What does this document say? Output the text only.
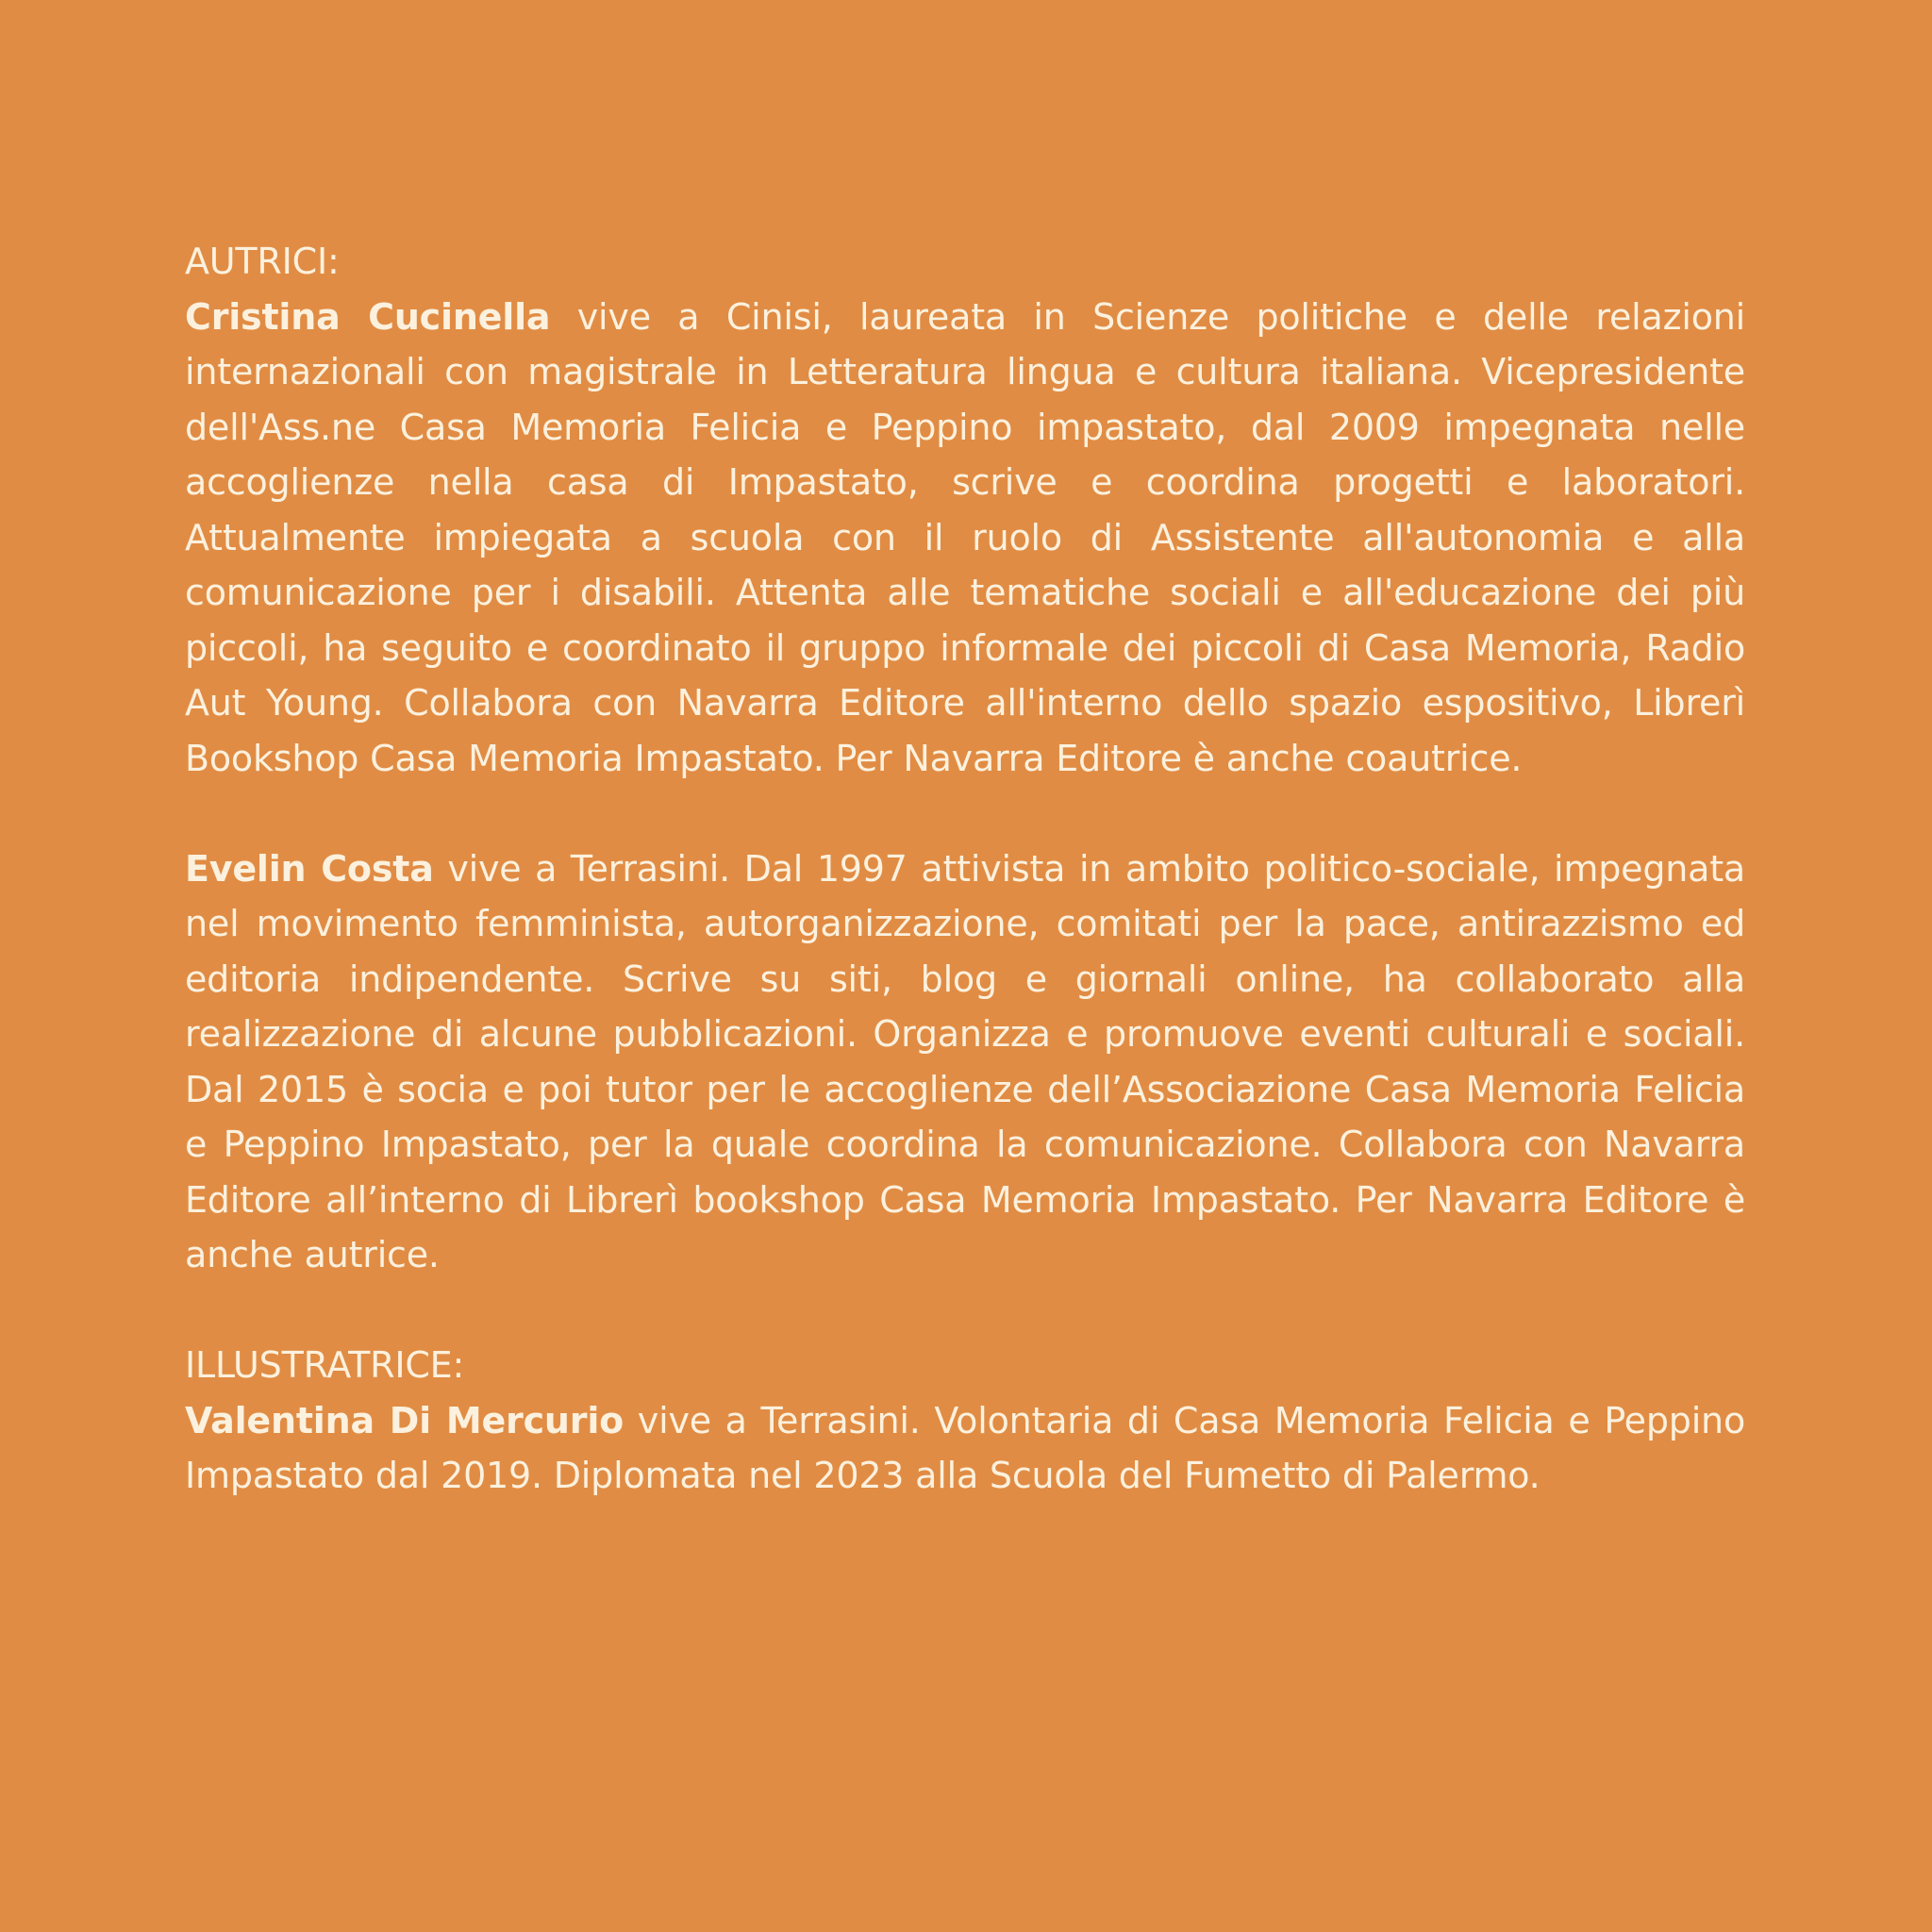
AUTRICI:

Cristina Cucinella vive a Cinisi, laureata in Scienze politiche e delle relazioni internazionali con magistrale in Letteratura lingua e cultura italiana. Vicepresidente dell'Ass.ne Casa Memoria Felicia e Peppino impastato, dal 2009 impegnata nelle accoglienze nella casa di Impastato, scrive e coordina progetti e laboratori. Attualmente impiegata a scuola con il ruolo di Assistente all'autonomia e alla comunicazione per i disabili. Attenta alle tematiche sociali e all'educazione dei più piccoli, ha seguito e coordinato il gruppo informale dei piccoli di Casa Memoria, Radio Aut Young. Collabora con Navarra Editore all'interno dello spazio espositivo, Librerì Bookshop Casa Memoria Impastato. Per Navarra Editore è anche coautrice.

Evelin Costa vive a Terrasini. Dal 1997 attivista in ambito politico-sociale, impegnata nel movimento femminista, autorganizzazione, comitati per la pace, antirazzismo ed editoria indipendente. Scrive su siti, blog e giornali online, ha collaborato alla realizzazione di alcune pubblicazioni. Organizza e promuove eventi culturali e sociali. Dal 2015 è socia e poi tutor per le accoglienze dell’Associazione Casa Memoria Felicia e Peppino Impastato, per la quale coordina la comunicazione. Collabora con Navarra Editore all’interno di Librerì bookshop Casa Memoria Impastato. Per Navarra Editore è anche autrice.

ILLUSTRATRICE:

Valentina Di Mercurio vive a Terrasini. Volontaria di Casa Memoria Felicia e Peppino Impastato dal 2019. Diplomata nel 2023 alla Scuola del Fumetto di Palermo.
